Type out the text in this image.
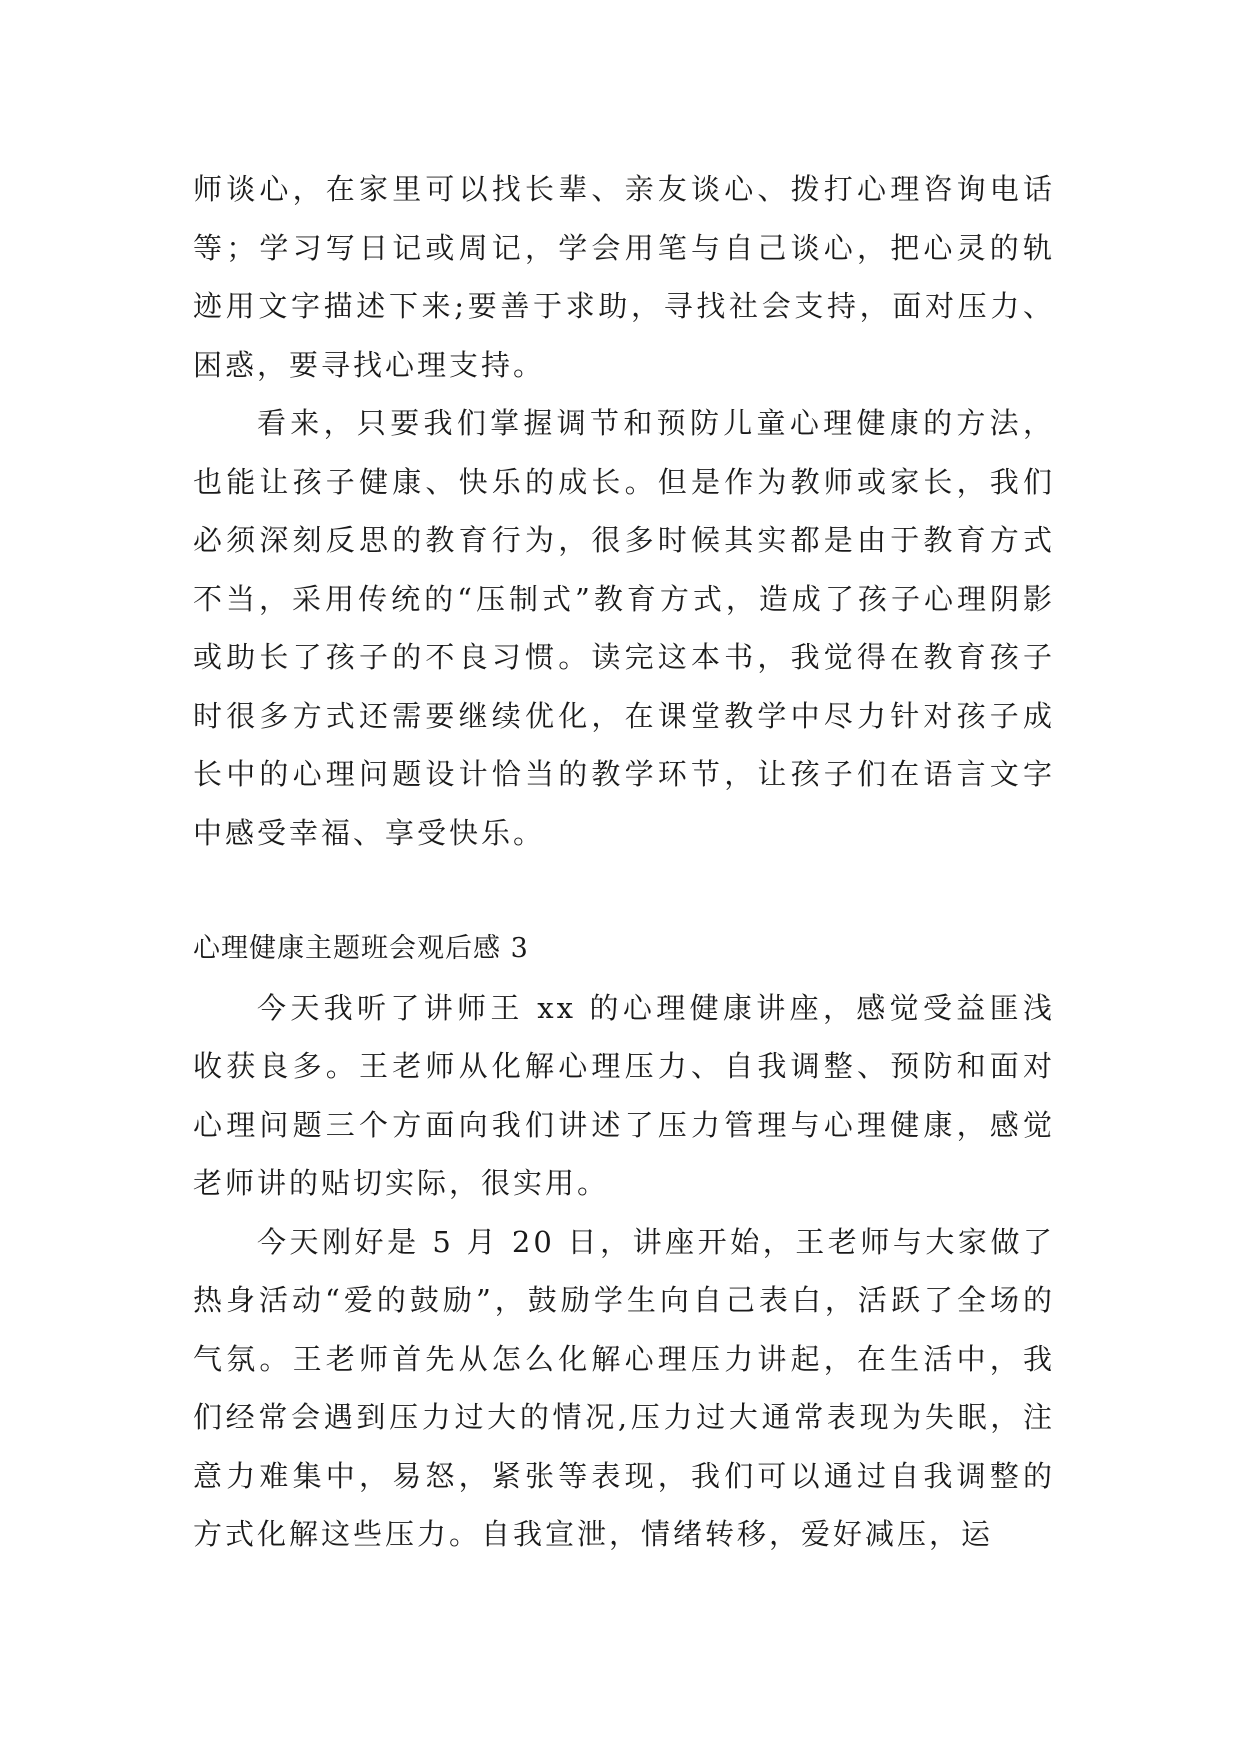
师谈心，在家里可以找长辈、亲友谈心、拨打心理咨询电话等；学习写日记或周记，学会用笔与自己谈心，把心灵的轨迹用文字描述下来;要善于求助，寻找社会支持，面对压力、困惑，要寻找心理支持。

看来，只要我们掌握调节和预防儿童心理健康的方法，也能让孩子健康、快乐的成长。但是作为教师或家长，我们必须深刻反思的教育行为，很多时候其实都是由于教育方式不当，采用传统的“压制式”教育方式，造成了孩子心理阴影或助长了孩子的不良习惯。读完这本书，我觉得在教育孩子时很多方式还需要继续优化，在课堂教学中尽力针对孩子成长中的心理问题设计恰当的教学环节，让孩子们在语言文字中感受幸福、享受快乐。

心理健康主题班会观后感 3

今天我听了讲师王 xx 的心理健康讲座，感觉受益匪浅收获良多。王老师从化解心理压力、自我调整、预防和面对心理问题三个方面向我们讲述了压力管理与心理健康，感觉老师讲的贴切实际，很实用。

今天刚好是 5 月 20 日，讲座开始，王老师与大家做了热身活动“爱的鼓励”，鼓励学生向自己表白，活跃了全场的气氛。王老师首先从怎么化解心理压力讲起，在生活中，我们经常会遇到压力过大的情况,压力过大通常表现为失眠，注意力难集中，易怒，紧张等表现，我们可以通过自我调整的方式化解这些压力。自我宣泄，情绪转移，爱好减压，运
